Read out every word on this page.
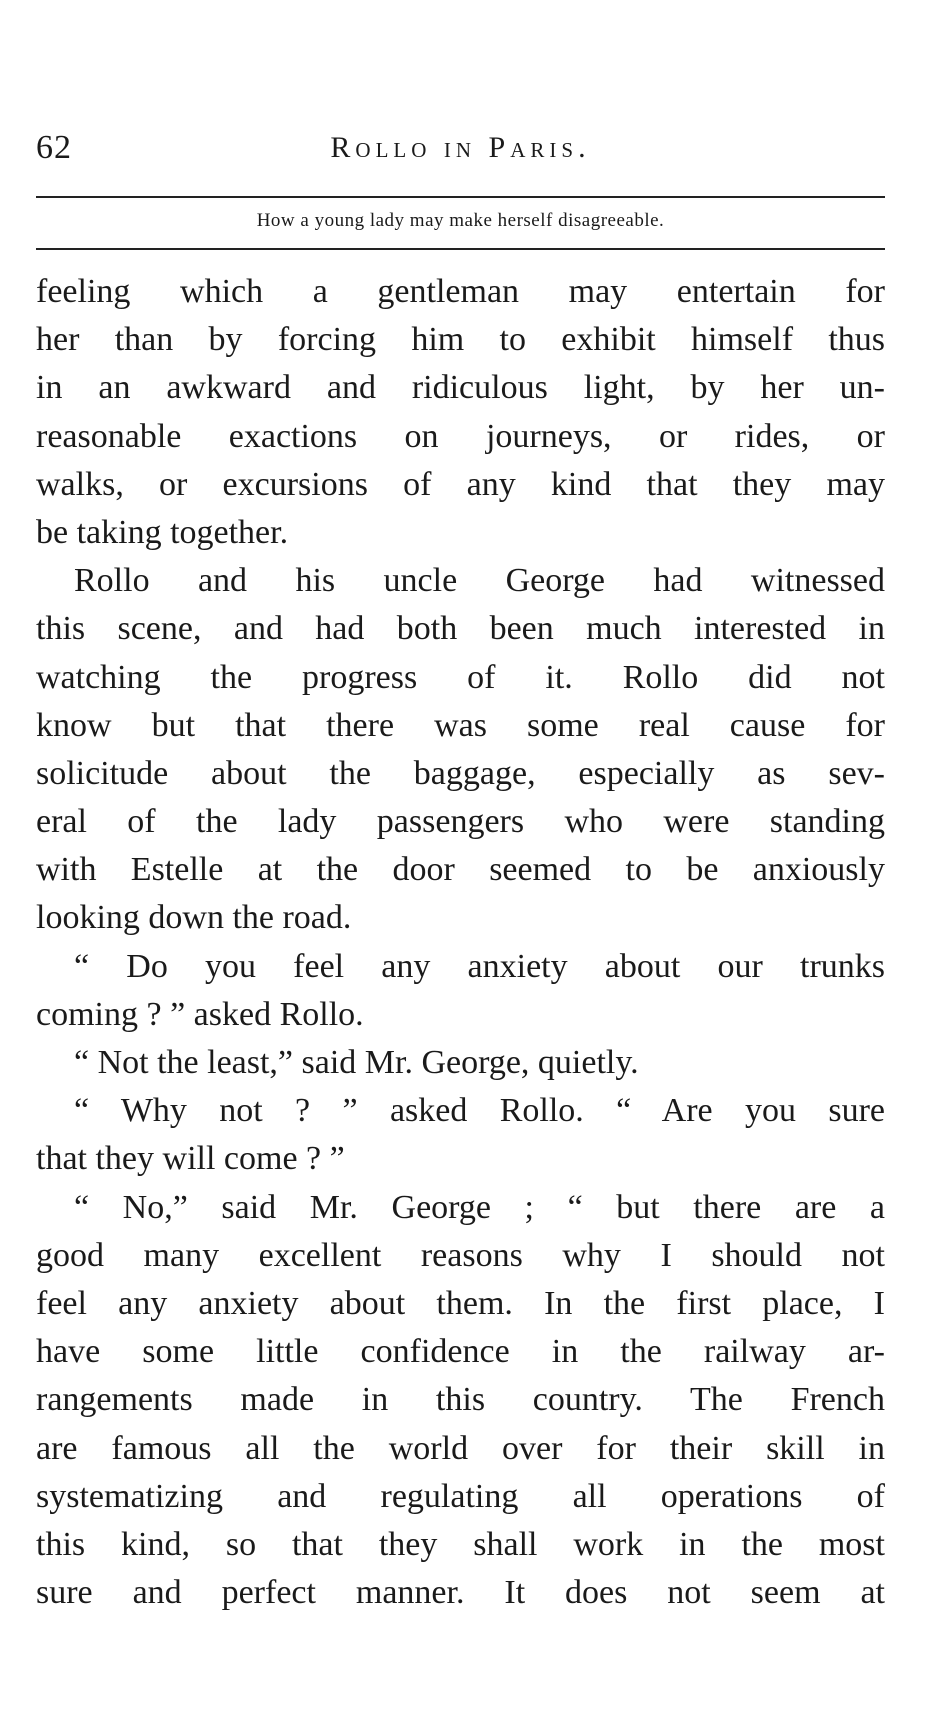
62	Rollo in Paris.
How a young lady may make herself disagreeable.
feeling which a gentleman may entertain for
her than by forcing him to exhibit himself thus
in an awkward and ridiculous light, by her un-
reasonable exactions on journeys, or rides, or
walks, or excursions of any kind that they may
be taking together.
Rollo and his uncle George had witnessed
this scene, and had both been much interested in
watching the progress of it. Rollo did not
know but that there was some real cause for
solicitude about the baggage, especially as sev-
eral of the lady passengers who were standing
with Estelle at the door seemed to be anxiously
looking down the road.
“ Do you feel any anxiety about our trunks
coming ? ” asked Rollo.
“ Not the least,” said Mr. George, quietly.
“ Why not ? ” asked Rollo. “ Are you sure
that they will come ? ”
“ No,” said Mr. George ; “ but there are a
good many excellent reasons why I should not
feel any anxiety about them. In the first place, I
have some little confidence in the railway ar-
rangements made in this country. The French
are famous all the world over for their skill in
systematizing and regulating all operations of
this kind, so that they shall work in the most
sure and perfect manner. It does not seem at
